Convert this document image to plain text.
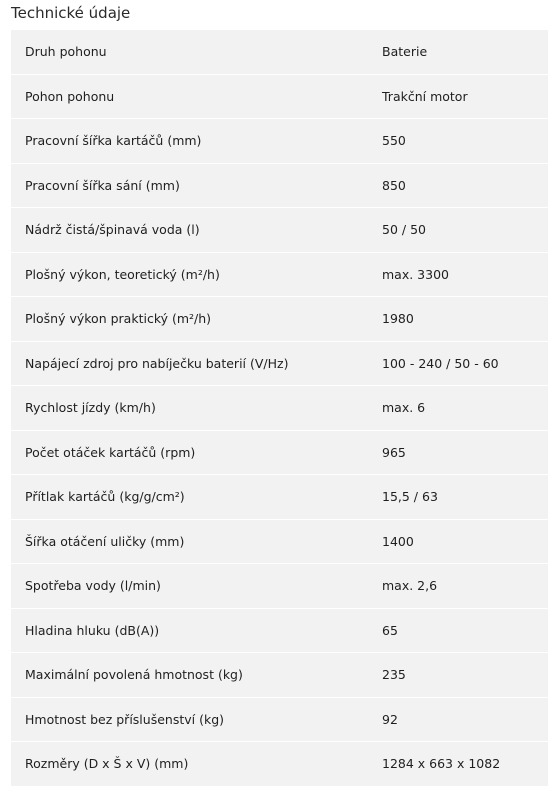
Technické údaje
Druh pohonu	Baterie
Pohon pohonu	Trakční motor
Pracovní šířka kartáčů (mm)	550
Pracovní šířka sání (mm)	850
Nádrž čistá/špinavá voda (l)	50 / 50
Plošný výkon, teoretický (m²/h)	max. 3300
Plošný výkon praktický (m²/h)	1980
Napájecí zdroj pro nabíječku baterií (V/Hz)	100 - 240 / 50 - 60
Rychlost jízdy (km/h)	max. 6
Počet otáček kartáčů (rpm)	965
Přítlak kartáčů (kg/g/cm²)	15,5 / 63
Šířka otáčení uličky (mm)	1400
Spotřeba vody (l/min)	max. 2,6
Hladina hluku (dB(A))	65
Maximální povolená hmotnost (kg)	235
Hmotnost bez příslušenství (kg)	92
Rozměry (D x Š x V) (mm)	1284 x 663 x 1082
